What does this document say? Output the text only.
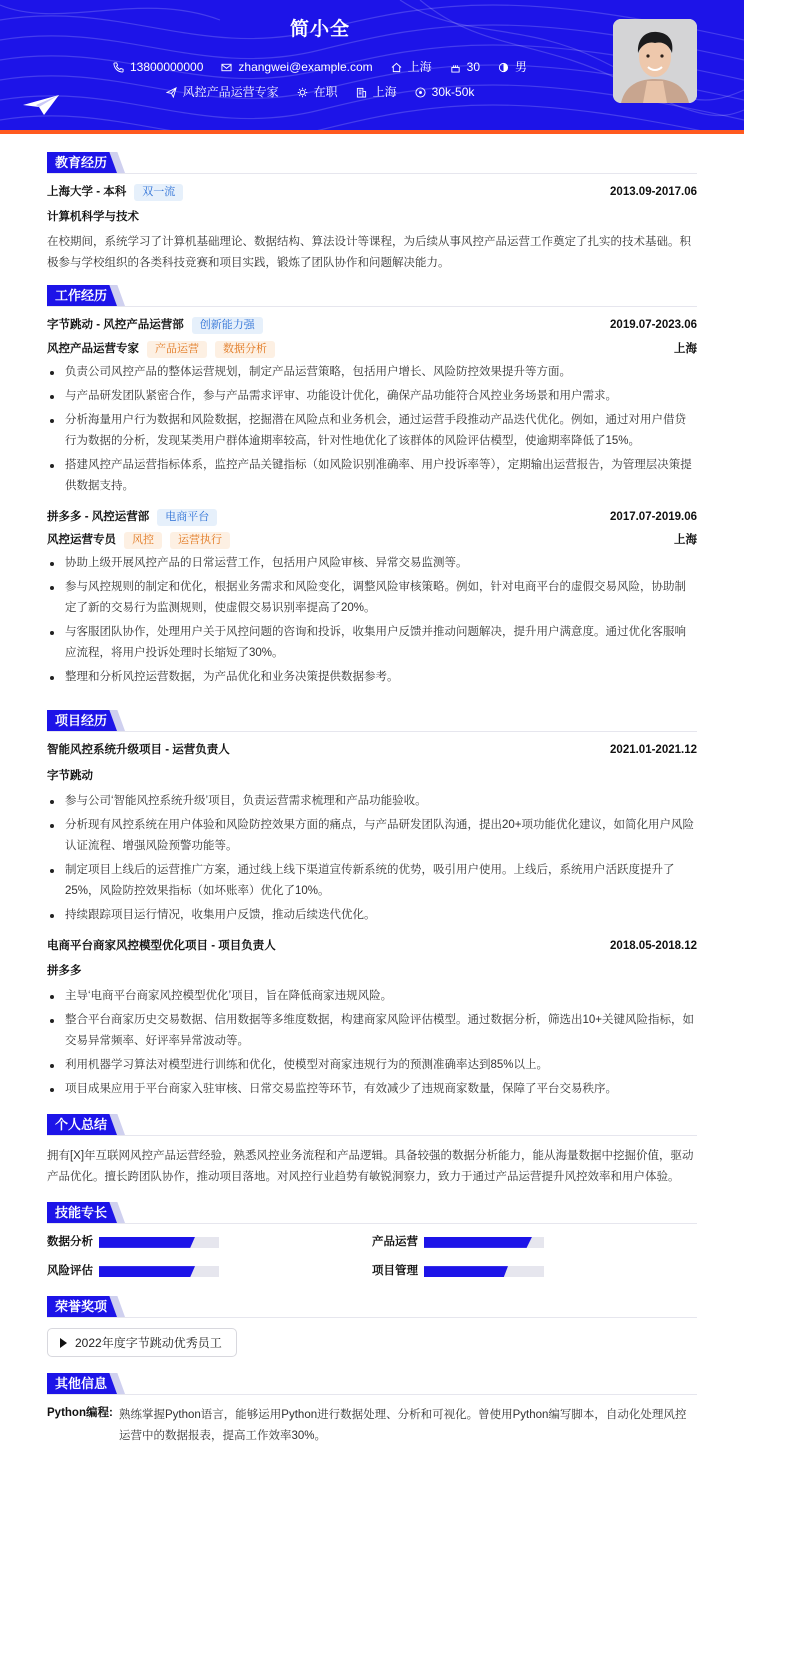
简小全
13800000000	zhangwei@example.com	上海	30	男
风控产品运营专家	在职	上海	30k-50k
教育经历
上海大学 - 本科	双一流	2013.09-2017.06
计算机科学与技术
在校期间，系统学习了计算机基础理论、数据结构、算法设计等课程，为后续从事风控产品运营工作奠定了扎实的技术基础。积极参与学校组织的各类科技竞赛和项目实践，锻炼了团队协作和问题解决能力。
工作经历
字节跳动 - 风控产品运营部	创新能力强	2019.07-2023.06
风控产品运营专家	产品运营	数据分析	上海
负责公司风控产品的整体运营规划，制定产品运营策略，包括用户增长、风险防控效果提升等方面。
与产品研发团队紧密合作，参与产品需求评审、功能设计优化，确保产品功能符合风控业务场景和用户需求。
分析海量用户行为数据和风险数据，挖掘潜在风险点和业务机会，通过运营手段推动产品迭代优化。例如，通过对用户借贷行为数据的分析，发现某类用户群体逾期率较高，针对性地优化了该群体的风险评估模型，使逾期率降低了15%。
搭建风控产品运营指标体系，监控产品关键指标（如风险识别准确率、用户投诉率等），定期输出运营报告，为管理层决策提供数据支持。
拼多多 - 风控运营部	电商平台	2017.07-2019.06
风控运营专员	风控	运营执行	上海
协助上级开展风控产品的日常运营工作，包括用户风险审核、异常交易监测等。
参与风控规则的制定和优化，根据业务需求和风险变化，调整风险审核策略。例如，针对电商平台的虚假交易风险，协助制定了新的交易行为监测规则，使虚假交易识别率提高了20%。
与客服团队协作，处理用户关于风控问题的咨询和投诉，收集用户反馈并推动问题解决，提升用户满意度。通过优化客服响应流程，将用户投诉处理时长缩短了30%。
整理和分析风控运营数据，为产品优化和业务决策提供数据参考。
项目经历
智能风控系统升级项目 - 运营负责人	2021.01-2021.12
字节跳动
参与公司‘智能风控系统升级’项目，负责运营需求梳理和产品功能验收。
分析现有风控系统在用户体验和风险防控效果方面的痛点，与产品研发团队沟通，提出20+项功能优化建议，如简化用户风险认证流程、增强风险预警功能等。
制定项目上线后的运营推广方案，通过线上线下渠道宣传新系统的优势，吸引用户使用。上线后，系统用户活跃度提升了25%，风险防控效果指标（如坏账率）优化了10%。
持续跟踪项目运行情况，收集用户反馈，推动后续迭代优化。
电商平台商家风控模型优化项目 - 项目负责人	2018.05-2018.12
拼多多
主导‘电商平台商家风控模型优化’项目，旨在降低商家违规风险。
整合平台商家历史交易数据、信用数据等多维度数据，构建商家风险评估模型。通过数据分析，筛选出10+关键风险指标，如交易异常频率、好评率异常波动等。
利用机器学习算法对模型进行训练和优化，使模型对商家违规行为的预测准确率达到85%以上。
项目成果应用于平台商家入驻审核、日常交易监控等环节，有效减少了违规商家数量，保障了平台交易秩序。
个人总结
拥有[X]年互联网风控产品运营经验，熟悉风控业务流程和产品逻辑。具备较强的数据分析能力，能从海量数据中挖掘价值，驱动产品优化。擅长跨团队协作，推动项目落地。对风控行业趋势有敏锐洞察力，致力于通过产品运营提升风控效率和用户体验。
技能专长
数据分析	产品运营
风险评估	项目管理
荣誉奖项
2022年度字节跳动优秀员工
其他信息
Python编程: 熟练掌握Python语言，能够运用Python进行数据处理、分析和可视化。曾使用Python编写脚本，自动化处理风控运营中的数据报表，提高工作效率30%。
